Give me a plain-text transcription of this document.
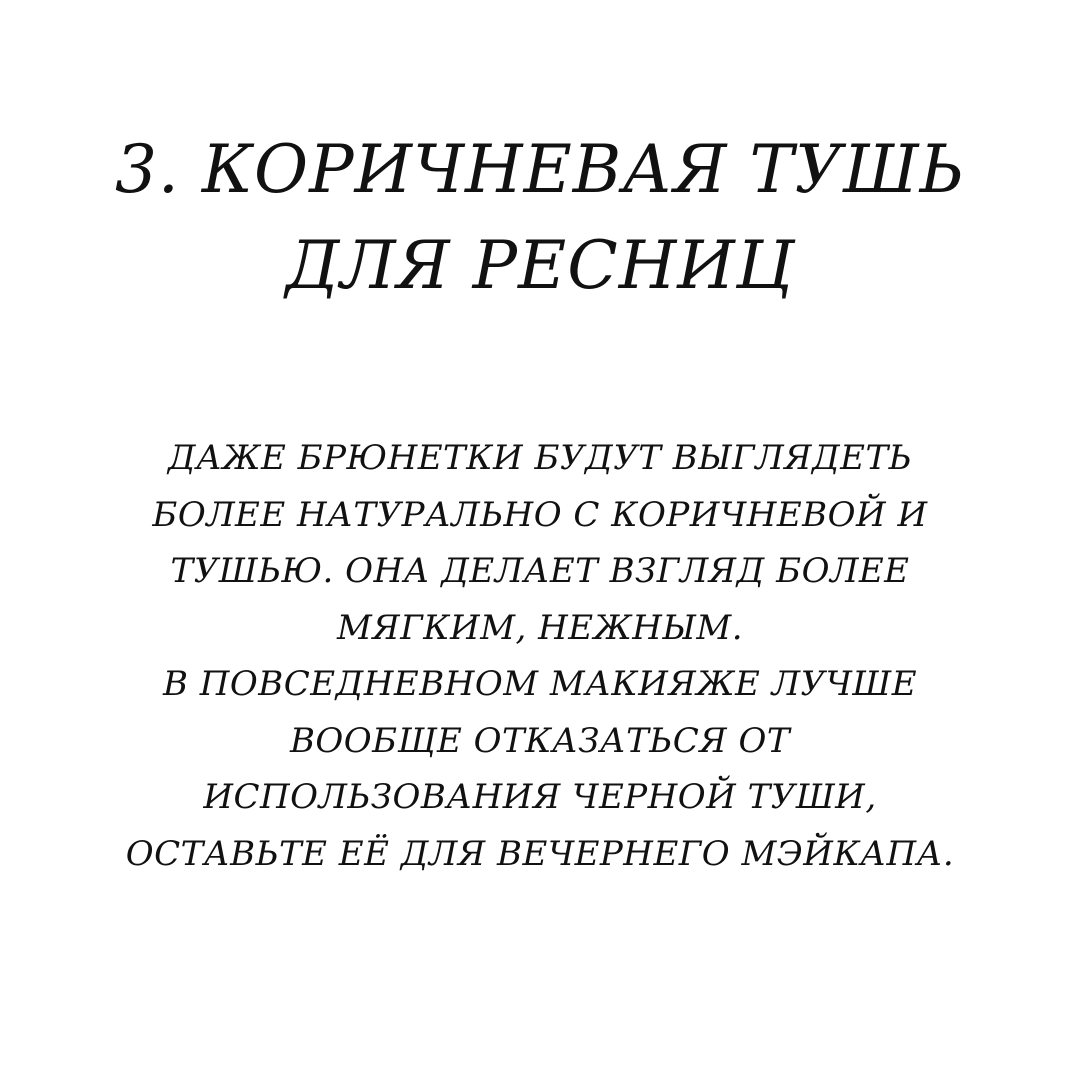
3. КОРИЧНЕВАЯ ТУШЬ
ДЛЯ РЕСНИЦ
ДАЖЕ БРЮНЕТКИ БУДУТ ВЫГЛЯДЕТЬ
БОЛЕЕ НАТУРАЛЬНО С КОРИЧНЕВОЙ И
ТУШЬЮ. ОНА ДЕЛАЕТ ВЗГЛЯД БОЛЕЕ
МЯГКИМ, НЕЖНЫМ.
В ПОВСЕДНЕВНОМ МАКИЯЖЕ ЛУЧШЕ
ВООБЩЕ ОТКАЗАТЬСЯ ОТ
ИСПОЛЬЗОВАНИЯ ЧЕРНОЙ ТУШИ,
ОСТАВЬТЕ ЕЁ ДЛЯ ВЕЧЕРНЕГО МЭЙКАПА.
